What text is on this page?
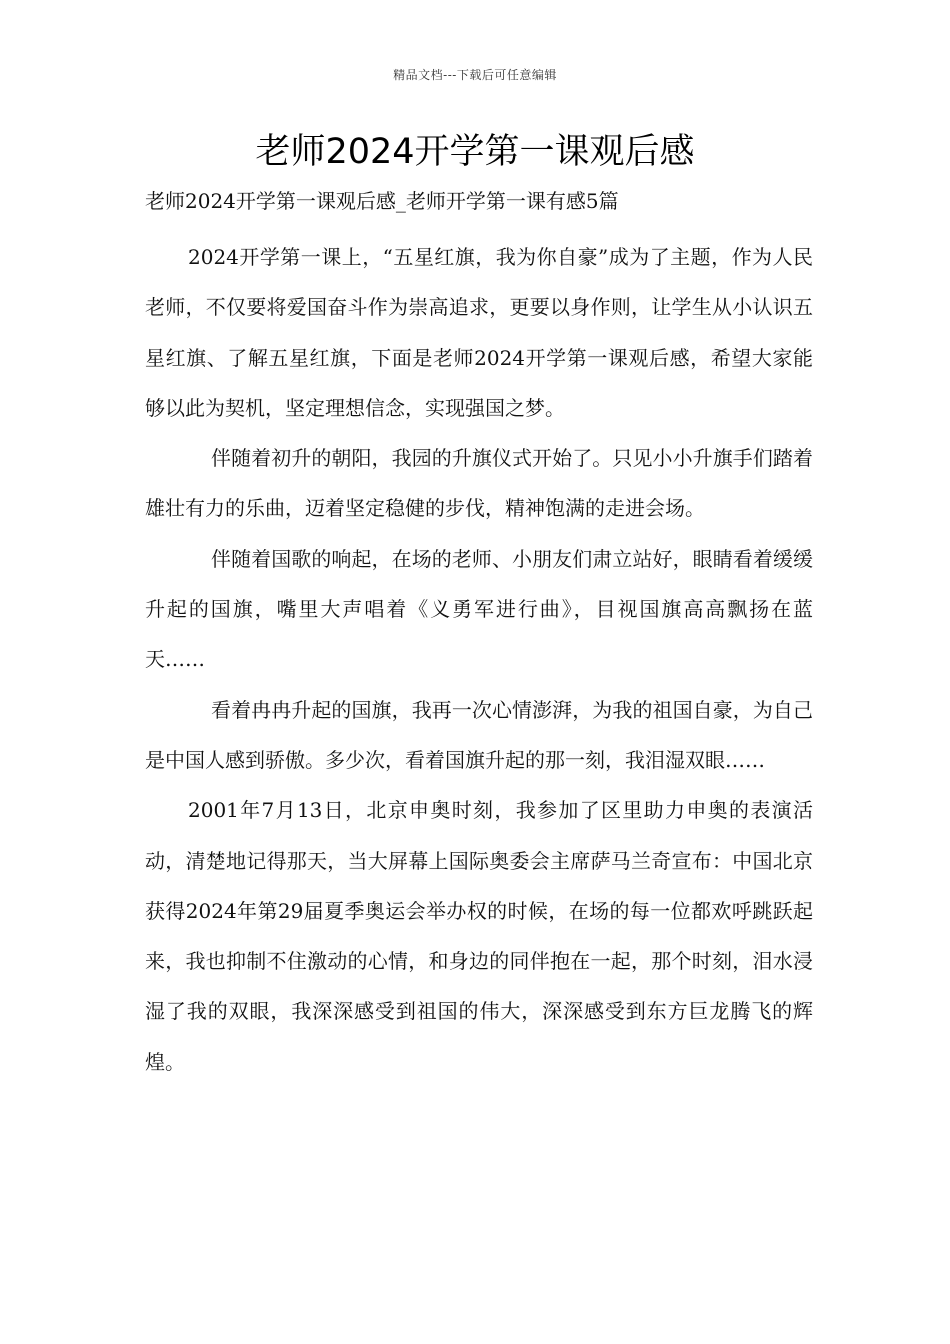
精品文档---下载后可任意编辑
老师2024开学第一课观后感

老师2024开学第一课观后感_老师开学第一课有感5篇

2024开学第一课上，“五星红旗，我为你自豪”成为了主题，作为人民老师，不仅要将爱国奋斗作为崇高追求，更要以身作则，让学生从小认识五星红旗、了解五星红旗，下面是老师2024开学第一课观后感，希望大家能够以此为契机，坚定理想信念，实现强国之梦。

伴随着初升的朝阳，我园的升旗仪式开始了。只见小小升旗手们踏着雄壮有力的乐曲，迈着坚定稳健的步伐，精神饱满的走进会场。

伴随着国歌的响起，在场的老师、小朋友们肃立站好，眼睛看着缓缓升起的国旗，嘴里大声唱着《义勇军进行曲》，目视国旗高高飘扬在蓝天……

看着冉冉升起的国旗，我再一次心情澎湃，为我的祖国自豪，为自己是中国人感到骄傲。多少次，看着国旗升起的那一刻，我泪湿双眼……

2001年7月13日，北京申奥时刻，我参加了区里助力申奥的表演活动，清楚地记得那天，当大屏幕上国际奥委会主席萨马兰奇宣布：中国北京获得2024年第29届夏季奥运会举办权的时候，在场的每一位都欢呼跳跃起来，我也抑制不住激动的心情，和身边的同伴抱在一起，那个时刻，泪水浸湿了我的双眼，我深深感受到祖国的伟大，深深感受到东方巨龙腾飞的辉煌。
